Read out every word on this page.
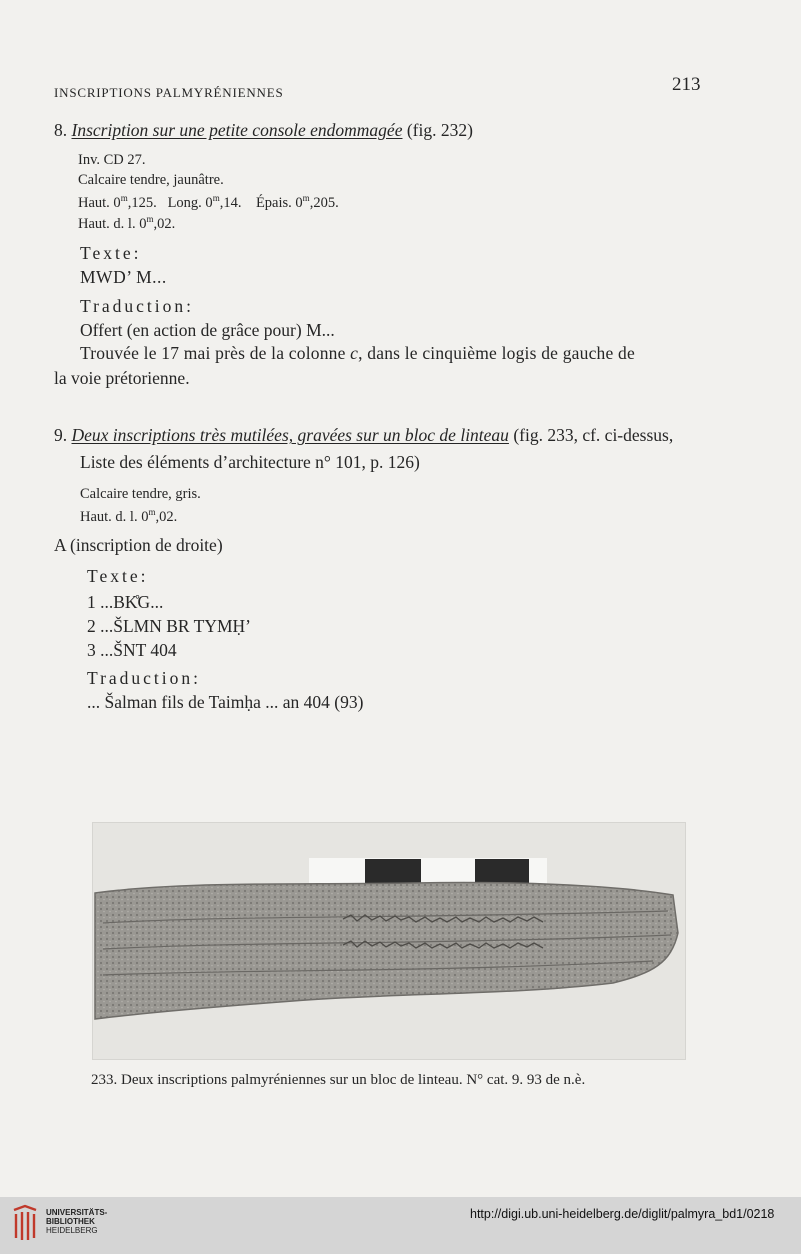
INSCRIPTIONS PALMYRÉNIENNES	213
8. Inscription sur une petite console endommagée (fig. 232)
Inv. CD 27.
Calcaire tendre, jaunâtre.
Haut. 0$^m$,125. Long. 0$^m$,14. Épais. 0$^m$,205.
Haut. d. l. 0$^m$,02.
Texte:
MWD’ M...
Traduction:
Offert (en action de grâce pour) M...
Trouvée le 17 mai près de la colonne c, dans le cinquième logis de gauche de
la voie prétorienne.
9. Deux inscriptions très mutilées, gravées sur un bloc de linteau (fig. 233, cf. ci-dessus,
Liste des éléments d’architecture n° 101, p. 126)
Calcaire tendre, gris.
Haut. d. l. 0$^m$,02.
A (inscription de droite)
Texte:
1 ...BK̊G...
2 ...ŠLMN BR TYMḤ’
3 ...ŠNT 404
Traduction:
... Šalman fils de Taimḥa ... an 404 (93)
233. Deux inscriptions palmyréniennes sur un bloc de linteau. N° cat. 9. 93 de n.è.
UNIVERSITÄTS-
BIBLIOTHEK
HEIDELBERG
http://digi.ub.uni-heidelberg.de/diglit/palmyra_bd1/0218
